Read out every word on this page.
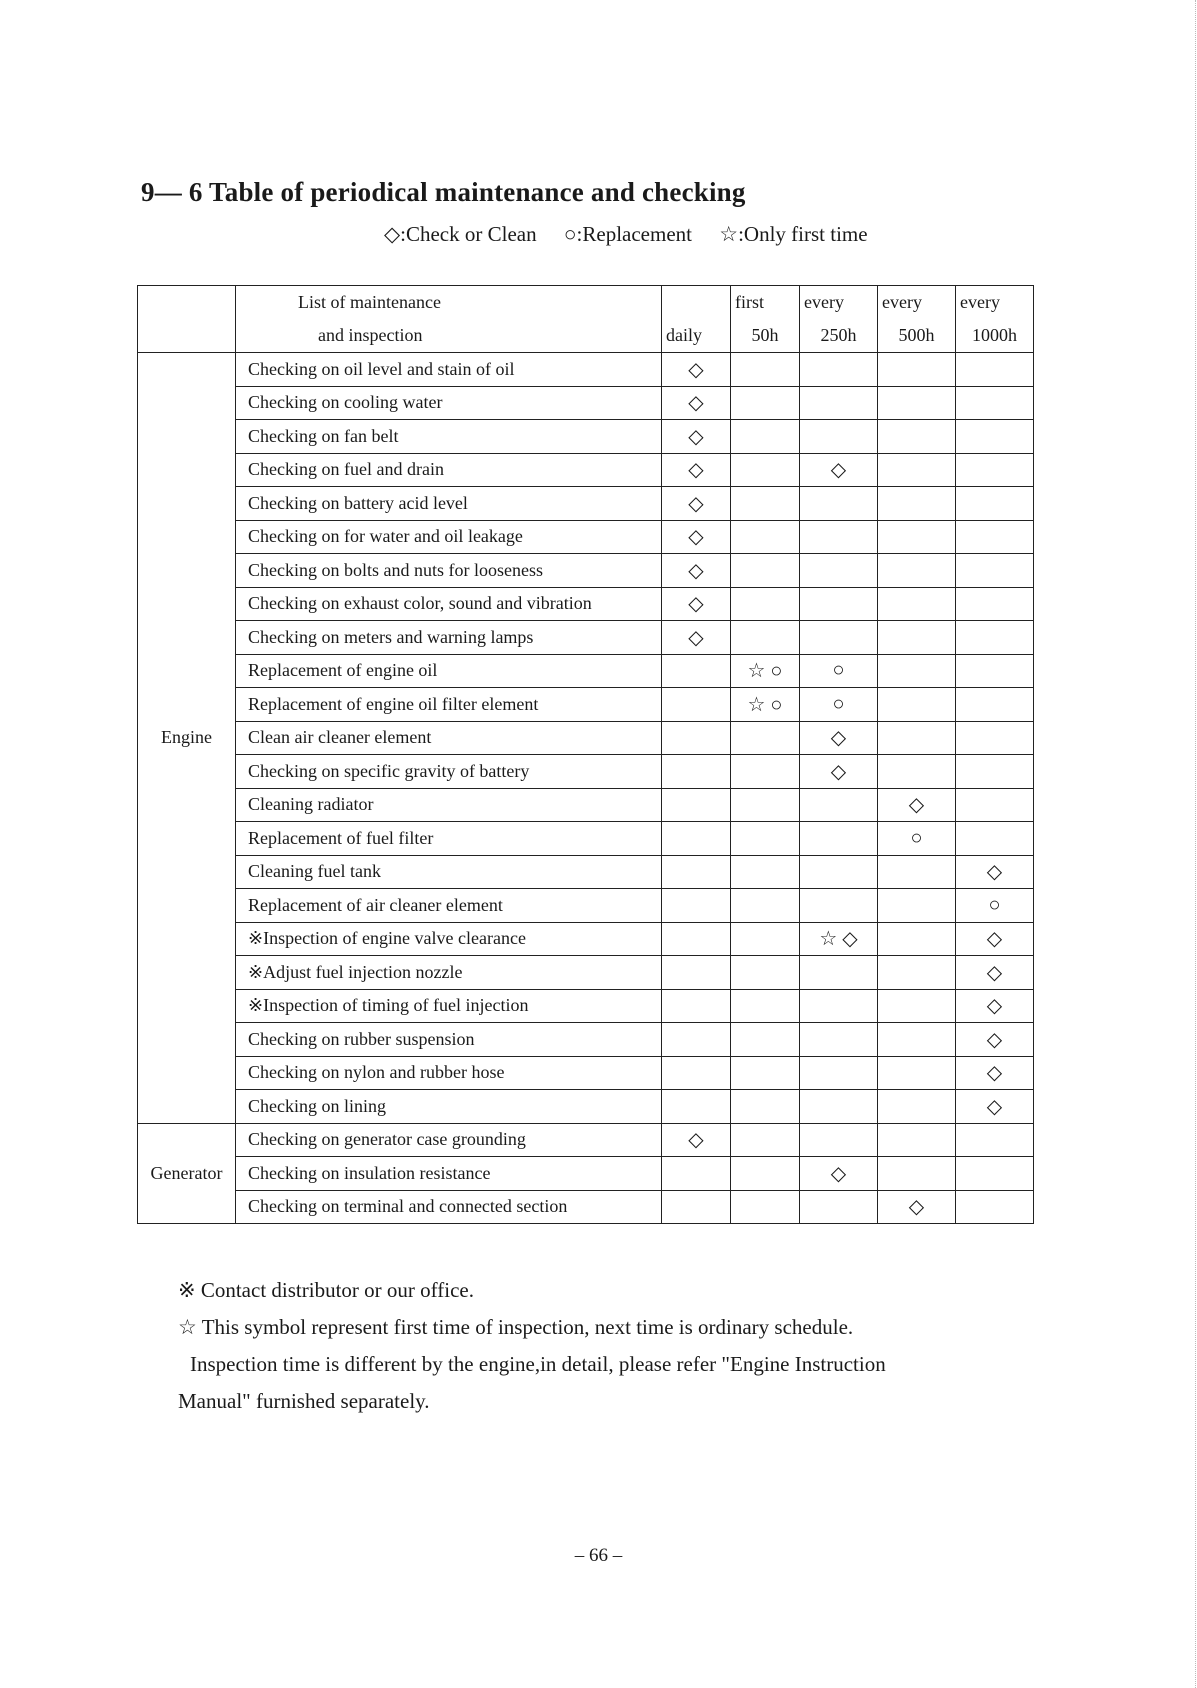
9— 6 Table of periodical maintenance and checking
◇:Check or Clean ○:Replacement ☆:Only first time
	List of maintenance		first	every	every	every
	and inspection	daily	50h	250h	500h	1000h
Engine	Checking on oil level and stain of oil	◇				
	Checking on cooling water	◇				
	Checking on fan belt	◇				
	Checking on fuel and drain	◇		◇		
	Checking on battery acid level	◇				
	Checking on for water and oil leakage	◇				
	Checking on bolts and nuts for looseness	◇				
	Checking on exhaust color, sound and vibration	◇				
	Checking on meters and warning lamps	◇				
	Replacement of engine oil		☆ ○	○		
	Replacement of engine oil filter element		☆ ○	○		
	Clean air cleaner element			◇		
	Checking on specific gravity of battery			◇		
	Cleaning radiator				◇	
	Replacement of fuel filter				○	
	Cleaning fuel tank					◇
	Replacement of air cleaner element					○
	※Inspection of engine valve clearance			☆ ◇		◇
	※Adjust fuel injection nozzle					◇
	※Inspection of timing of fuel injection					◇
	Checking on rubber suspension					◇
	Checking on nylon and rubber hose					◇
	Checking on lining					◇
Generator	Checking on generator case grounding	◇				
	Checking on insulation resistance			◇		
	Checking on terminal and connected section				◇	
※ Contact distributor or our office.
☆ This symbol represent first time of inspection, next time is ordinary schedule.
Inspection time is different by the engine,in detail, please refer "Engine Instruction
Manual" furnished separately.
– 66 –
